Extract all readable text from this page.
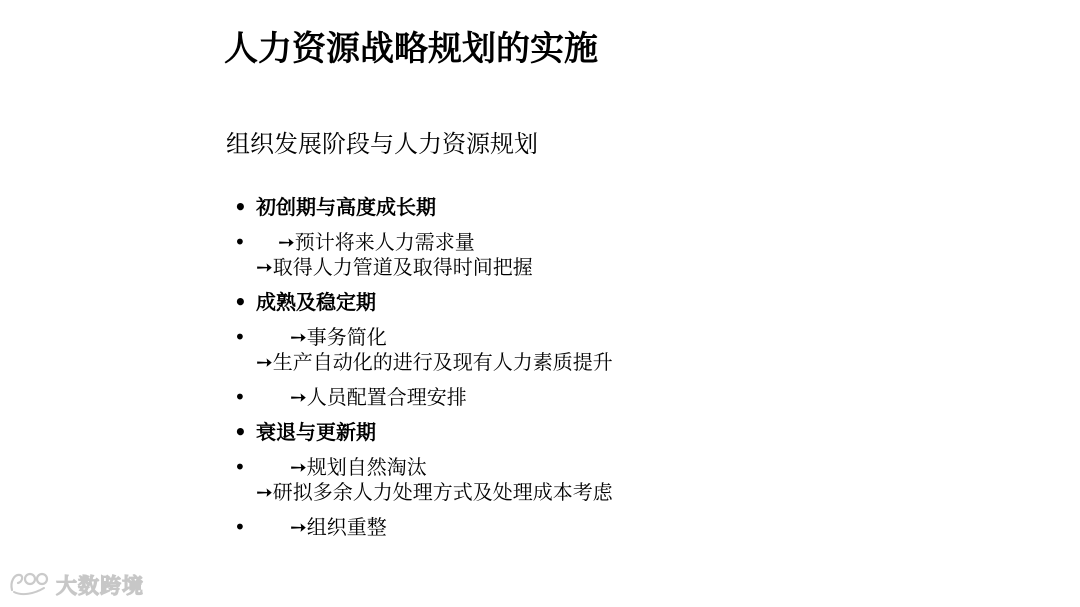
人力资源战略规划的实施
组织发展阶段与人力资源规划
• 初创期与高度成长期
•	➙预计将来人力需求量
➙取得人力管道及取得时间把握
• 成熟及稳定期
•	➙事务简化
➙生产自动化的进行及现有人力素质提升
•	➙人员配置合理安排
• 衰退与更新期
•	➙规划自然淘汰
➙研拟多余人力处理方式及处理成本考虑
•	➙组织重整
大数跨境
